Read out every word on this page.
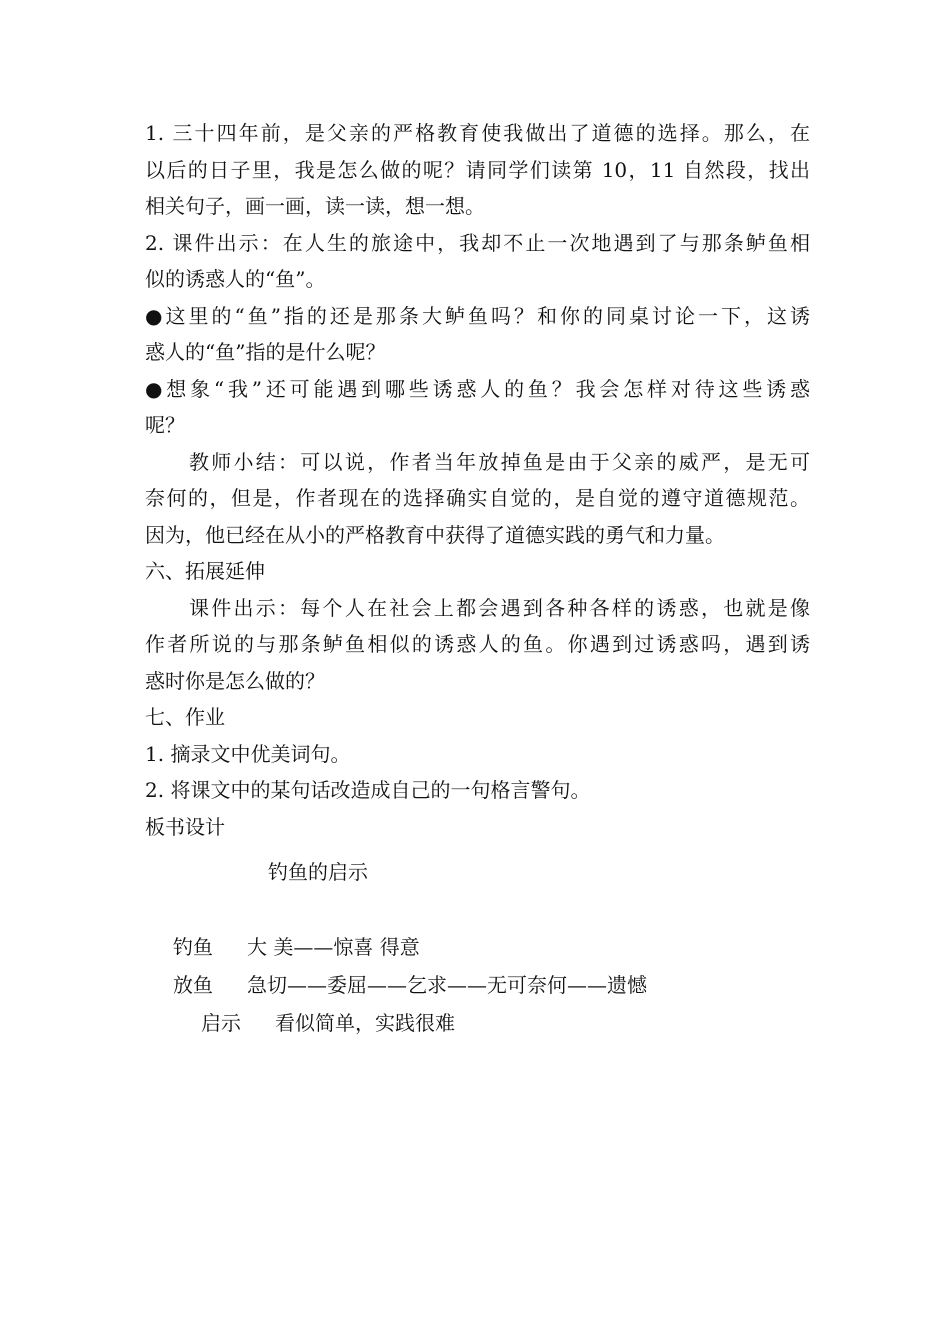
1. 三十四年前，是父亲的严格教育使我做出了道德的选择。那么，在
以后的日子里，我是怎么做的呢？请同学们读第 10，11 自然段，找出
相关句子，画一画，读一读，想一想。
2. 课件出示：在人生的旅途中，我却不止一次地遇到了与那条鲈鱼相
似的诱惑人的“鱼”。
●这里的“鱼”指的还是那条大鲈鱼吗？和你的同桌讨论一下，这诱
惑人的“鱼”指的是什么呢？
●想象“我”还可能遇到哪些诱惑人的鱼？我会怎样对待这些诱惑
呢？
教师小结：可以说，作者当年放掉鱼是由于父亲的威严，是无可
奈何的，但是，作者现在的选择确实自觉的，是自觉的遵守道德规范。
因为，他已经在从小的严格教育中获得了道德实践的勇气和力量。
六、拓展延伸
课件出示：每个人在社会上都会遇到各种各样的诱惑，也就是像
作者所说的与那条鲈鱼相似的诱惑人的鱼。你遇到过诱惑吗，遇到诱
惑时你是怎么做的？
七、作业
1. 摘录文中优美词句。
2. 将课文中的某句话改造成自己的一句格言警句。
板书设计
钓鱼的启示
钓鱼 大 美——惊喜 得意
放鱼 急切——委屈——乞求——无可奈何——遗憾
启示 看似简单，实践很难
